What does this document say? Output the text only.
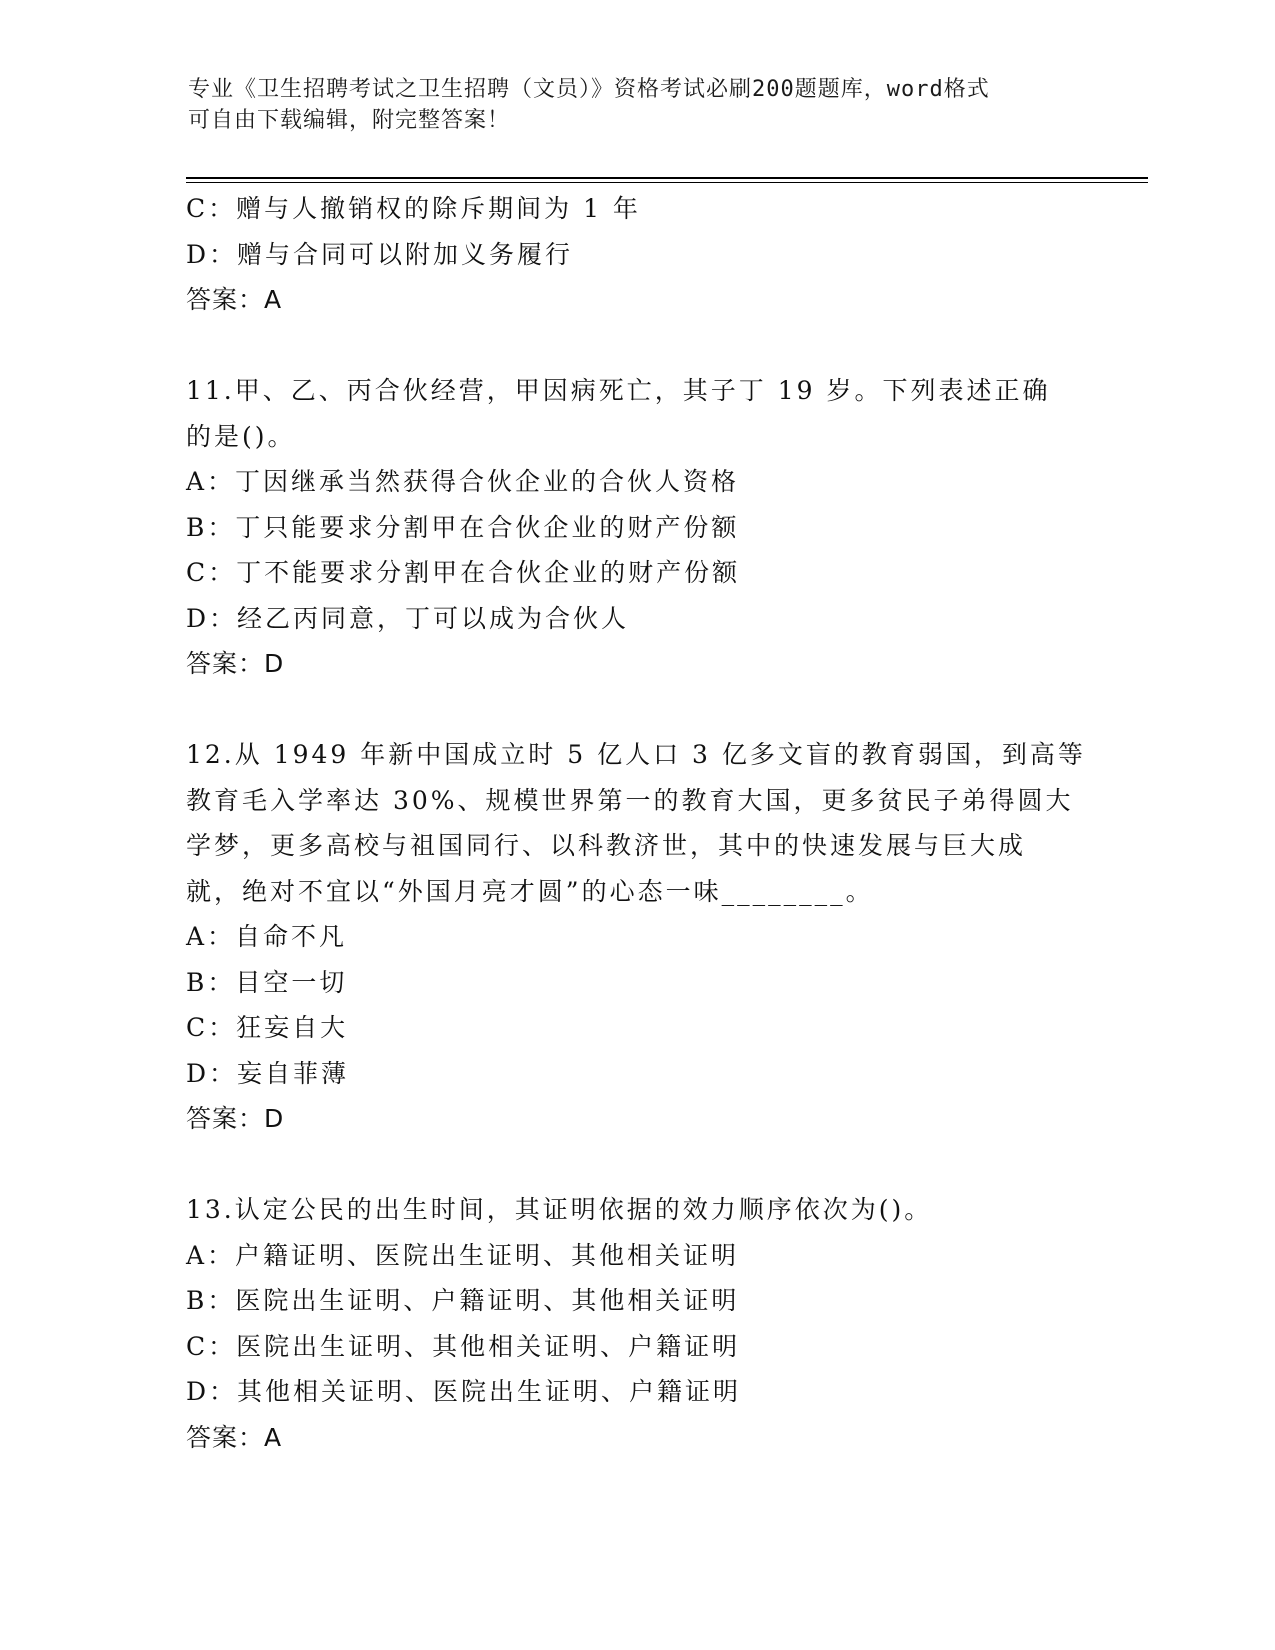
专业《卫生招聘考试之卫生招聘（文员）》资格考试必刷200题题库，word格式
可自由下载编辑，附完整答案！
C：赠与人撤销权的除斥期间为 1 年
D：赠与合同可以附加义务履行
答案：A
11.甲、乙、丙合伙经营，甲因病死亡，其子丁 19 岁。下列表述正确
的是()。
A：丁因继承当然获得合伙企业的合伙人资格
B：丁只能要求分割甲在合伙企业的财产份额
C：丁不能要求分割甲在合伙企业的财产份额
D：经乙丙同意，丁可以成为合伙人
答案：D
12.从 1949 年新中国成立时 5 亿人口 3 亿多文盲的教育弱国，到高等
教育毛入学率达 30%、规模世界第一的教育大国，更多贫民子弟得圆大
学梦，更多高校与祖国同行、以科教济世，其中的快速发展与巨大成
就，绝对不宜以“外国月亮才圆”的心态一味________。
A：自命不凡
B：目空一切
C：狂妄自大
D：妄自菲薄
答案：D
13.认定公民的出生时间，其证明依据的效力顺序依次为()。
A：户籍证明、医院出生证明、其他相关证明
B：医院出生证明、户籍证明、其他相关证明
C：医院出生证明、其他相关证明、户籍证明
D：其他相关证明、医院出生证明、户籍证明
答案：A
